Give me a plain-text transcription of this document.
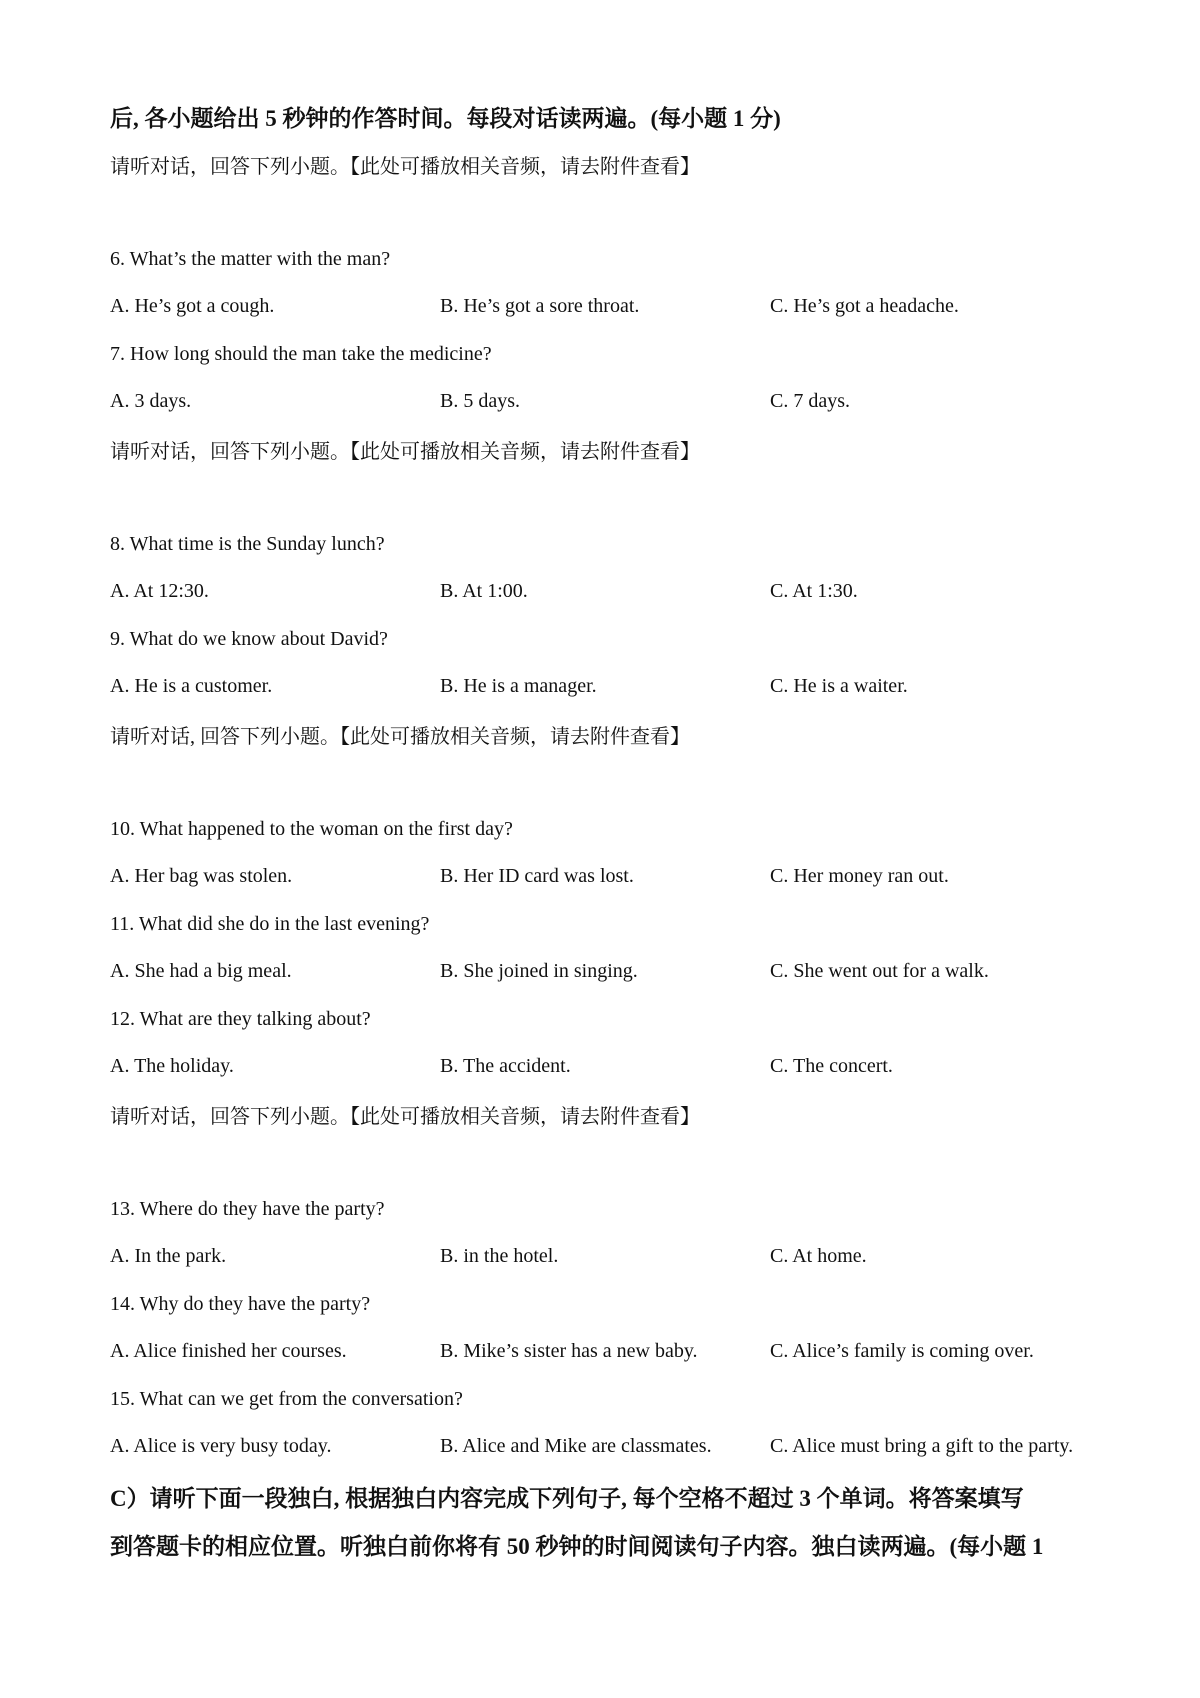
后, 各小题给出 5 秒钟的作答时间。每段对话读两遍。(每小题 1 分)
请听对话，回答下列小题。【此处可播放相关音频，请去附件查看】
6. What’s the matter with the man?
A. He’s got a cough.	B. He’s got a sore throat.	C. He’s got a headache.
7. How long should the man take the medicine?
A. 3 days.	B. 5 days.	C. 7 days.
请听对话，回答下列小题。【此处可播放相关音频，请去附件查看】
8. What time is the Sunday lunch?
A. At 12:30.	B. At 1:00.	C. At 1:30.
9. What do we know about David?
A. He is a customer.	B. He is a manager.	C. He is a waiter.
请听对话, 回答下列小题。【此处可播放相关音频，请去附件查看】
10. What happened to the woman on the first day?
A. Her bag was stolen.	B. Her ID card was lost.	C. Her money ran out.
11. What did she do in the last evening?
A. She had a big meal.	B. She joined in singing.	C. She went out for a walk.
12. What are they talking about?
A. The holiday.	B. The accident.	C. The concert.
请听对话，回答下列小题。【此处可播放相关音频，请去附件查看】
13. Where do they have the party?
A. In the park.	B. in the hotel.	C. At home.
14. Why do they have the party?
A. Alice finished her courses.	B. Mike’s sister has a new baby.	C. Alice’s family is coming over.
15. What can we get from the conversation?
A. Alice is very busy today.	B. Alice and Mike are classmates.	C. Alice must bring a gift to the party.
C）请听下面一段独白, 根据独白内容完成下列句子, 每个空格不超过 3 个单词。将答案填写
到答题卡的相应位置。听独白前你将有 50 秒钟的时间阅读句子内容。独白读两遍。(每小题 1
